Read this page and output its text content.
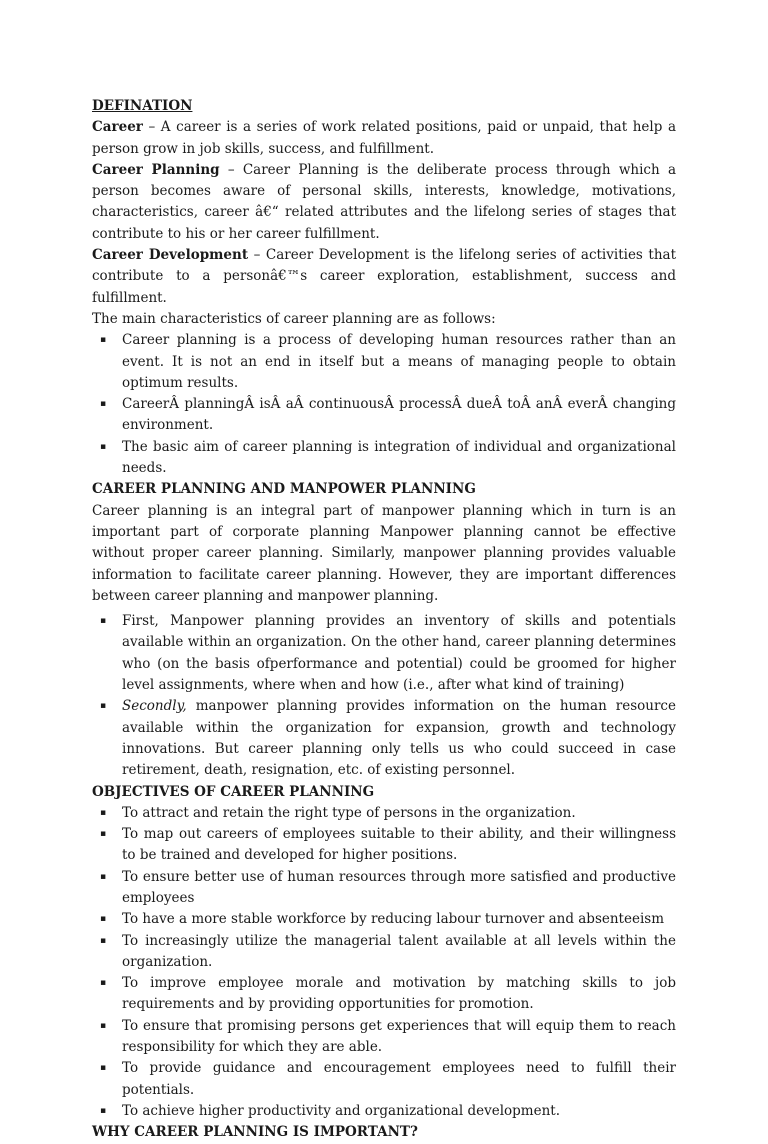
DEFINATION

Career – A career is a series of work related positions, paid or unpaid, that help a person grow in job skills, success, and fulfillment.

Career Planning – Career Planning is the deliberate process through which a person becomes aware of personal skills, interests, knowledge, motivations, characteristics, career â€“ related attributes and the lifelong series of stages that contribute to his or her career fulfillment.

Career Development – Career Development is the lifelong series of activities that contribute to a personâ€™s career exploration, establishment, success and fulfillment.

The main characteristics of career planning are as follows:

▪ Career planning is a process of developing human resources rather than an event. It is not an end in itself but a means of managing people to obtain optimum results.
▪ CareerÂ planningÂ isÂ aÂ continuousÂ processÂ dueÂ toÂ anÂ everÂ changing environment.
▪ The basic aim of career planning is integration of individual and organizational needs.
CAREER PLANNING AND MANPOWER PLANNING

Career planning is an integral part of manpower planning which in turn is an important part of corporate planning Manpower planning cannot be effective without proper career planning. Similarly, manpower planning provides valuable information to facilitate career planning. However, they are important differences between career planning and manpower planning.

▪ First, Manpower planning provides an inventory of skills and potentials available within an organization. On the other hand, career planning determines who (on the basis ofperformance and potential) could be groomed for higher level assignments, where when and how (i.e., after what kind of training)
▪ Secondly, manpower planning provides information on the human resource available within the organization for expansion, growth and technology innovations. But career planning only tells us who could succeed in case retirement, death, resignation, etc. of existing personnel.
OBJECTIVES OF CAREER PLANNING
▪ To attract and retain the right type of persons in the organization.
▪ To map out careers of employees suitable to their ability, and their willingness to be trained and developed for higher positions.
▪ To ensure better use of human resources through more satisfied and productive employees
▪ To have a more stable workforce by reducing labour turnover and absenteeism
▪ To increasingly utilize the managerial talent available at all levels within the organization.
▪ To improve employee morale and motivation by matching skills to job requirements and by providing opportunities for promotion.
▪ To ensure that promising persons get experiences that will equip them to reach responsibility for which they are able.
▪ To provide guidance and encouragement employees need to fulfill their potentials.
▪ To achieve higher productivity and organizational development.
WHY CAREER PLANNING IS IMPORTANT?
